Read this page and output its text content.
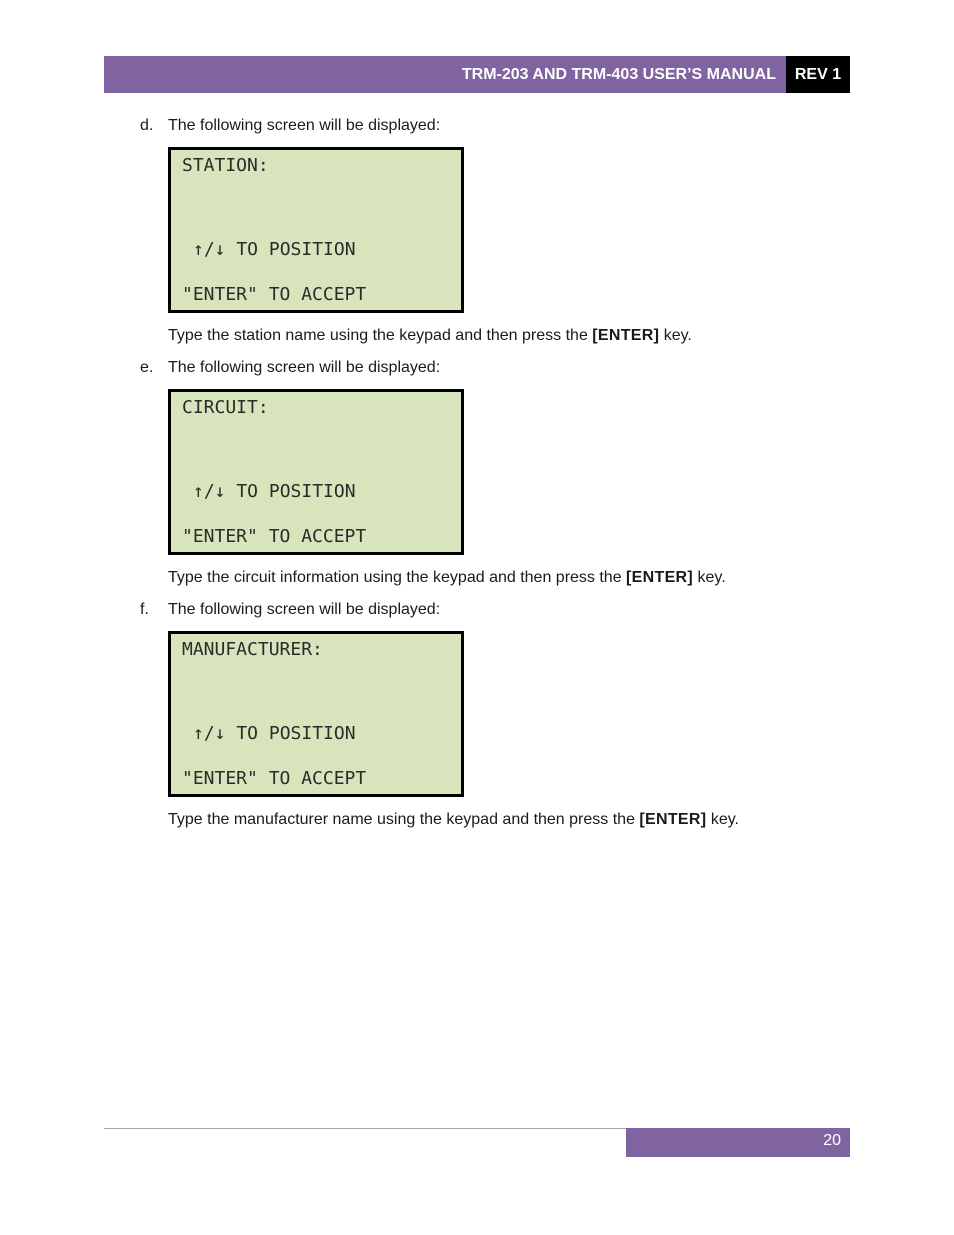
TRM-203 AND TRM-403 USER’S MANUAL	REV 1
d. The following screen will be displayed:
STATION:
↑/↓ TO POSITION
"ENTER" TO ACCEPT
Type the station name using the keypad and then press the [ENTER] key.
e. The following screen will be displayed:
CIRCUIT:
↑/↓ TO POSITION
"ENTER" TO ACCEPT
Type the circuit information using the keypad and then press the [ENTER] key.
f. The following screen will be displayed:
MANUFACTURER:
↑/↓ TO POSITION
"ENTER" TO ACCEPT
Type the manufacturer name using the keypad and then press the [ENTER] key.
20
